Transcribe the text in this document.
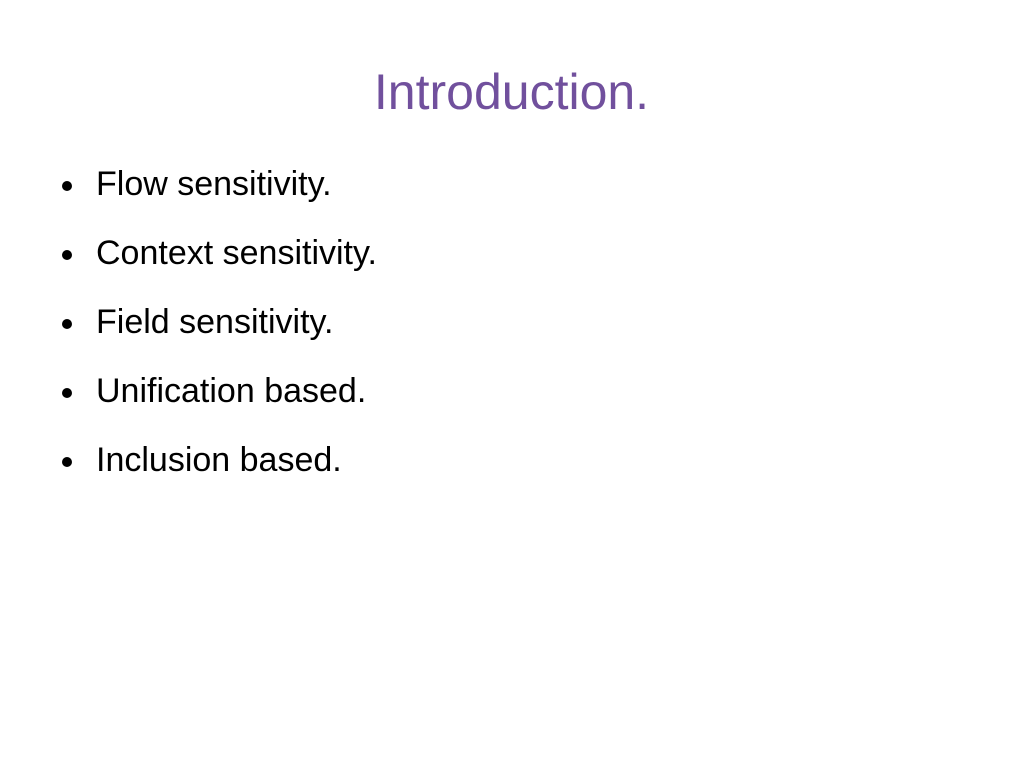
Introduction.
Flow sensitivity.
Context sensitivity.
Field sensitivity.
Unification based.
Inclusion based.
